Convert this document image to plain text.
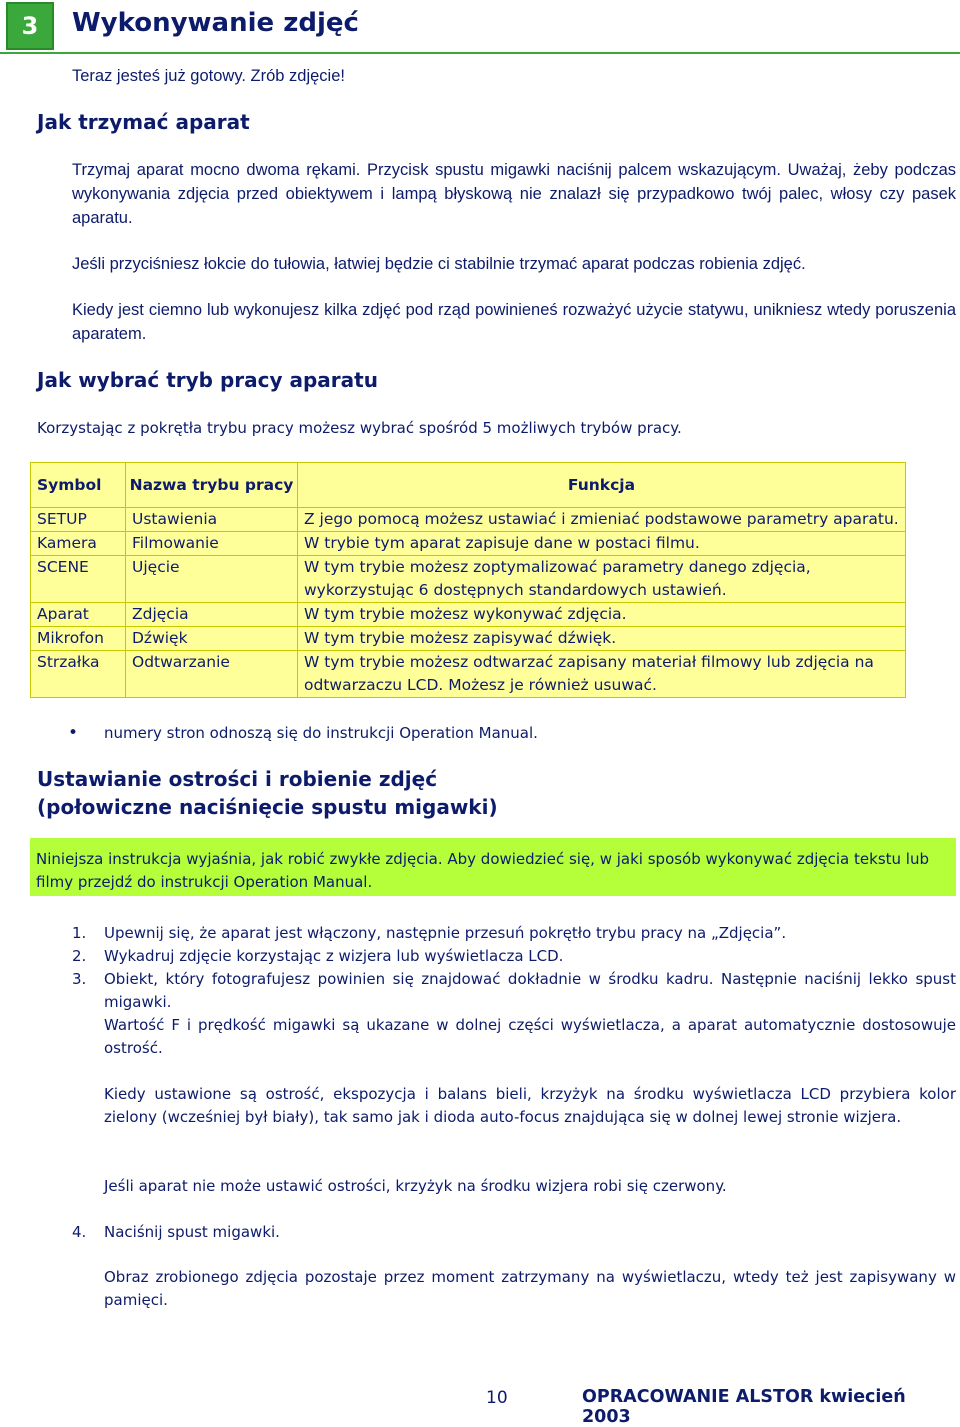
3	Wykonywanie zdjęć
Teraz jesteś już gotowy. Zrób zdjęcie!
Jak trzymać aparat
Trzymaj aparat mocno dwoma rękami. Przycisk spustu migawki naciśnij palcem wskazującym. Uważaj, żeby podczas wykonywania zdjęcia przed obiektywem i lampą błyskową nie znalazł się przypadkowo twój palec, włosy czy pasek aparatu.
Jeśli przyciśniesz łokcie do tułowia, łatwiej będzie ci stabilnie trzymać aparat podczas robienia zdjęć.
Kiedy jest ciemno lub wykonujesz kilka zdjęć pod rząd powinieneś rozważyć użycie statywu, unikniesz wtedy poruszenia aparatem.
Jak wybrać tryb pracy aparatu
Korzystając z pokrętła trybu pracy możesz wybrać spośród 5 możliwych trybów pracy.
Symbol	Nazwa trybu pracy	Funkcja
SETUP	Ustawienia	Z jego pomocą możesz ustawiać i zmieniać podstawowe parametry aparatu.
Kamera	Filmowanie	W trybie tym aparat zapisuje dane w postaci filmu.
SCENE	Ujęcie	W tym trybie możesz zoptymalizować parametry danego zdjęcia, wykorzystując 6 dostępnych standardowych ustawień.
Aparat	Zdjęcia	W tym trybie możesz wykonywać zdjęcia.
Mikrofon	Dźwięk	W tym trybie możesz zapisywać dźwięk.
Strzałka	Odtwarzanie	W tym trybie możesz odtwarzać zapisany materiał filmowy lub zdjęcia na odtwarzaczu LCD. Możesz je również usuwać.
• numery stron odnoszą się do instrukcji Operation Manual.
Ustawianie ostrości i robienie zdjęć
(połowiczne naciśnięcie spustu migawki)
Niniejsza instrukcja wyjaśnia, jak robić zwykłe zdjęcia. Aby dowiedzieć się, w jaki sposób wykonywać zdjęcia tekstu lub filmy przejdź do instrukcji Operation Manual.
1. Upewnij się, że aparat jest włączony, następnie przesuń pokrętło trybu pracy na „Zdjęcia”.
2. Wykadruj zdjęcie korzystając z wizjera lub wyświetlacza LCD.
3. Obiekt, który fotografujesz powinien się znajdować dokładnie w środku kadru. Następnie naciśnij lekko spust migawki.
Wartość F i prędkość migawki są ukazane w dolnej części wyświetlacza, a aparat automatycznie dostosowuje ostrość.
Kiedy ustawione są ostrość, ekspozycja i balans bieli, krzyżyk na środku wyświetlacza LCD przybiera kolor zielony (wcześniej był biały), tak samo jak i dioda auto-focus znajdująca się w dolnej lewej stronie wizjera.
Jeśli aparat nie może ustawić ostrości, krzyżyk na środku wizjera robi się czerwony.
4. Naciśnij spust migawki.
Obraz zrobionego zdjęcia pozostaje przez moment zatrzymany na wyświetlaczu, wtedy też jest zapisywany w pamięci.
10	OPRACOWANIE ALSTOR kwiecień 2003
